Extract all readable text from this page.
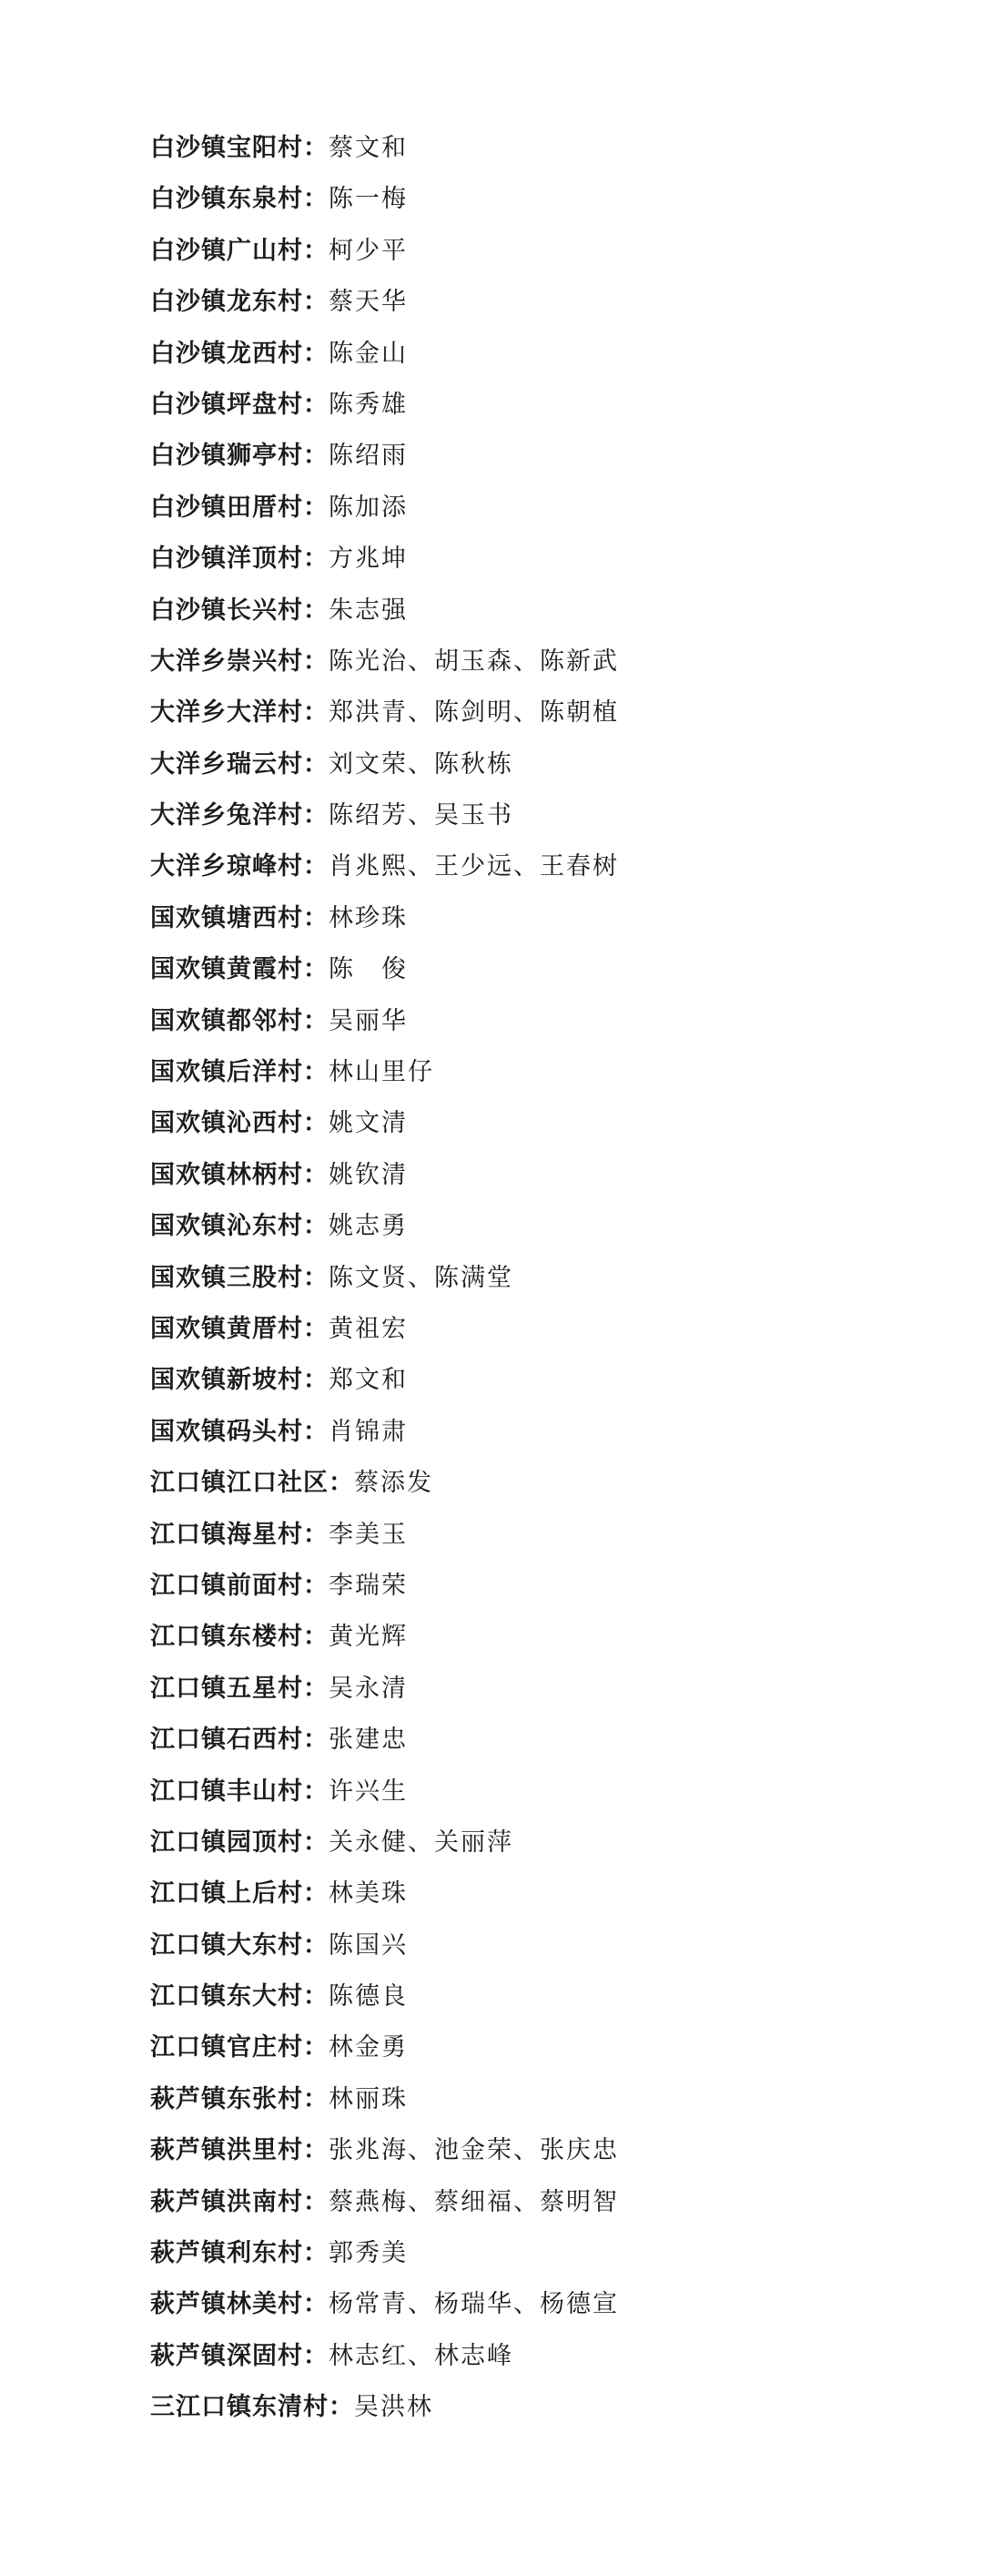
白沙镇宝阳村：蔡文和
白沙镇东泉村：陈一梅
白沙镇广山村：柯少平
白沙镇龙东村：蔡天华
白沙镇龙西村：陈金山
白沙镇坪盘村：陈秀雄
白沙镇狮亭村：陈绍雨
白沙镇田厝村：陈加添
白沙镇洋顶村：方兆坤
白沙镇长兴村：朱志强
大洋乡崇兴村：陈光治、胡玉森、陈新武
大洋乡大洋村：郑洪青、陈剑明、陈朝植
大洋乡瑞云村：刘文荣、陈秋栋
大洋乡兔洋村：陈绍芳、吴玉书
大洋乡琼峰村：肖兆熙、王少远、王春树
国欢镇塘西村：林珍珠
国欢镇黄霞村：陈　俊
国欢镇都邻村：吴丽华
国欢镇后洋村：林山里仔
国欢镇沁西村：姚文清
国欢镇林柄村：姚钦清
国欢镇沁东村：姚志勇
国欢镇三股村：陈文贤、陈满堂
国欢镇黄厝村：黄祖宏
国欢镇新坡村：郑文和
国欢镇码头村：肖锦肃
江口镇江口社区：蔡添发
江口镇海星村：李美玉
江口镇前面村：李瑞荣
江口镇东楼村：黄光辉
江口镇五星村：吴永清
江口镇石西村：张建忠
江口镇丰山村：许兴生
江口镇园顶村：关永健、关丽萍
江口镇上后村：林美珠
江口镇大东村：陈国兴
江口镇东大村：陈德良
江口镇官庄村：林金勇
萩芦镇东张村：林丽珠
萩芦镇洪里村：张兆海、池金荣、张庆忠
萩芦镇洪南村：蔡燕梅、蔡细福、蔡明智
萩芦镇利东村：郭秀美
萩芦镇林美村：杨常青、杨瑞华、杨德宣
萩芦镇深固村：林志红、林志峰
三江口镇东清村：吴洪林
